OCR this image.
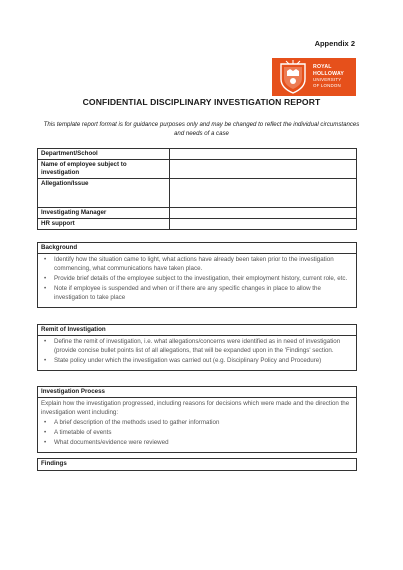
Appendix 2
ROYAL
HOLLOWAY
UNIVERSITY
OF LONDON
CONFIDENTIAL DISCIPLINARY INVESTIGATION REPORT
This template report format is for guidance purposes only and may be changed to reflect the individual circumstances and needs of a case
Department/School	
Name of employee subject to investigation	
Allegation/Issue	
Investigating Manager	
HR support	
Background
• Identify how the situation came to light, what actions have already been taken prior to the investigation commencing, what communications have taken place.
• Provide brief details of the employee subject to the investigation, their employment history, current role, etc.
• Note if employee is suspended and when or if there are any specific changes in place to allow the investigation to take place
Remit of Investigation
• Define the remit of investigation, i.e. what allegations/concerns were identified as in need of investigation (provide concise bullet points list of all allegations, that will be expanded upon in the 'Findings' section.
• State policy under which the investigation was carried out (e.g. Disciplinary Policy and Procedure)
Investigation Process

Explain how the investigation progressed, including reasons for decisions which were made and the direction the investigation went including:

• A brief description of the methods used to gather information
• A timetable of events
• What documents/evidence were reviewed
Findings
